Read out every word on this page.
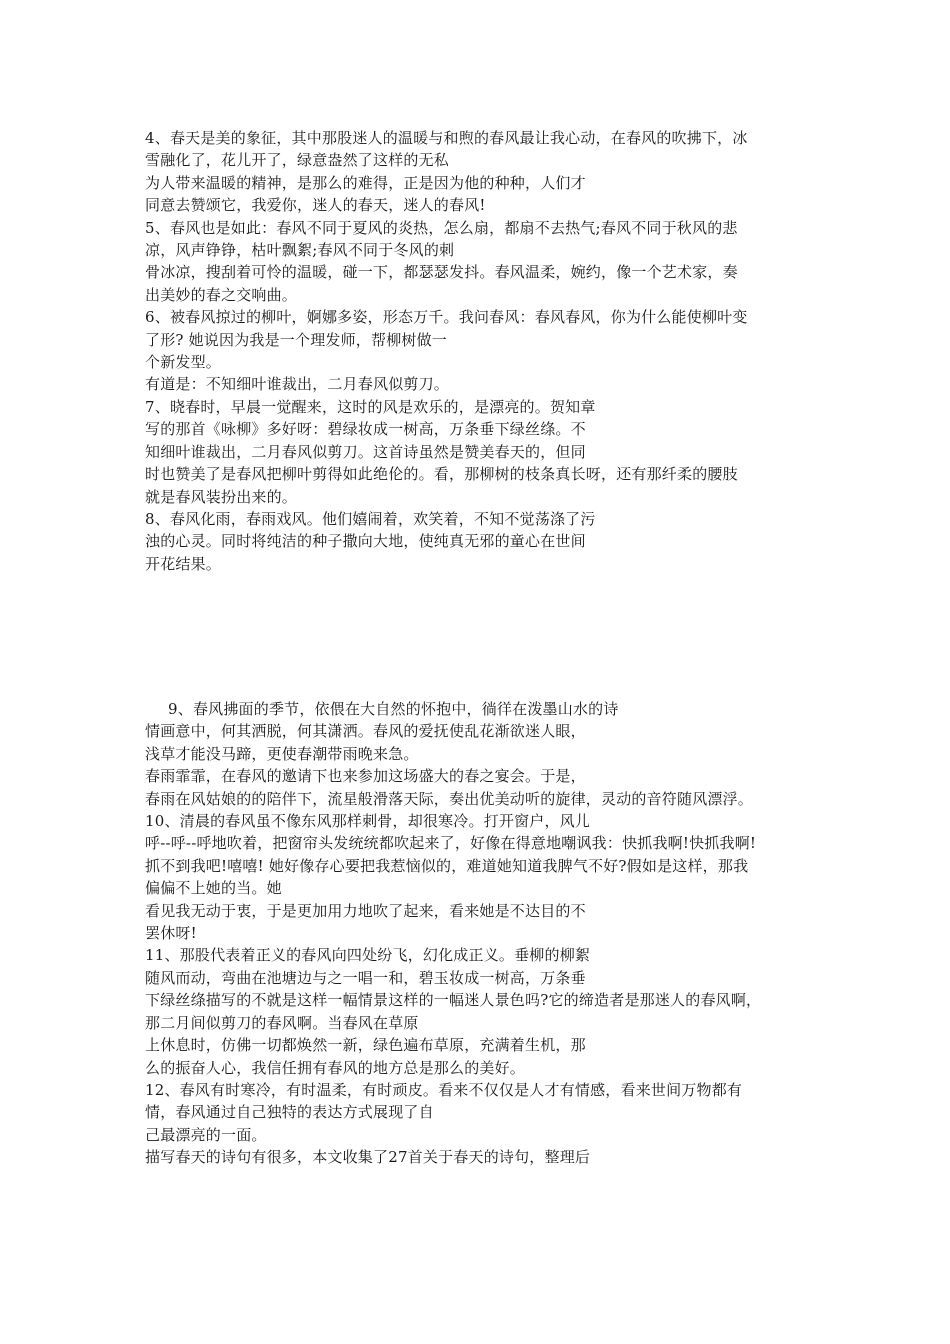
4、春天是美的象征，其中那股迷人的温暖与和煦的春风最让我心动，在春风的吹拂下，冰
雪融化了，花儿开了，绿意盎然了这样的无私
为人带来温暖的精神，是那么的难得，正是因为他的种种，人们才
同意去赞颂它，我爱你，迷人的春天，迷人的春风!
5、春风也是如此：春风不同于夏风的炎热，怎么扇，都扇不去热气;春风不同于秋风的悲
凉，风声铮铮，枯叶飘絮;春风不同于冬风的刺
骨冰凉，搜刮着可怜的温暖，碰一下，都瑟瑟发抖。春风温柔，婉约，像一个艺术家，奏
出美妙的春之交响曲。
6、被春风掠过的柳叶，婀娜多姿，形态万千。我问春风：春风春风，你为什么能使柳叶变
了形? 她说因为我是一个理发师，帮柳树做一
个新发型。
有道是：不知细叶谁裁出，二月春风似剪刀。
7、晓春时，早晨一觉醒来，这时的风是欢乐的，是漂亮的。贺知章
写的那首《咏柳》多好呀：碧绿妆成一树高，万条垂下绿丝绦。不
知细叶谁裁出，二月春风似剪刀。这首诗虽然是赞美春天的，但同
时也赞美了是春风把柳叶剪得如此绝伦的。看，那柳树的枝条真长呀，还有那纤柔的腰肢
就是春风装扮出来的。
8、春风化雨，春雨戏风。他们嬉闹着，欢笑着，不知不觉荡涤了污
浊的心灵。同时将纯洁的种子撒向大地，使纯真无邪的童心在世间
开花结果。
9、春风拂面的季节，依偎在大自然的怀抱中，徜徉在泼墨山水的诗
情画意中，何其洒脱，何其潇洒。春风的爱抚使乱花渐欲迷人眼，
浅草才能没马蹄，更使春潮带雨晚来急。
春雨霏霏，在春风的邀请下也来参加这场盛大的春之宴会。于是，
春雨在风姑娘的的陪伴下，流星般滑落天际，奏出优美动听的旋律，灵动的音符随风漂浮。
10、清晨的春风虽不像东风那样刺骨，却很寒冷。打开窗户，风儿
呼--呼--呼地吹着，把窗帘头发统统都吹起来了，好像在得意地嘲讽我：快抓我啊!快抓我啊!
抓不到我吧!嘻嘻! 她好像存心要把我惹恼似的，难道她知道我脾气不好?假如是这样，那我
偏偏不上她的当。她
看见我无动于衷，于是更加用力地吹了起来，看来她是不达目的不
罢休呀!
11、那股代表着正义的春风向四处纷飞，幻化成正义。垂柳的柳絮
随风而动，弯曲在池塘边与之一唱一和，碧玉妆成一树高，万条垂
下绿丝绦描写的不就是这样一幅情景这样的一幅迷人景色吗?它的缔造者是那迷人的春风啊，
那二月间似剪刀的春风啊。当春风在草原
上休息时，仿佛一切都焕然一新，绿色遍布草原，充满着生机，那
么的振奋人心，我信任拥有春风的地方总是那么的美好。
12、春风有时寒冷，有时温柔，有时顽皮。看来不仅仅是人才有情感，看来世间万物都有
情，春风通过自己独特的表达方式展现了自
己最漂亮的一面。
描写春天的诗句有很多，本文收集了27首关于春天的诗句，整理后
